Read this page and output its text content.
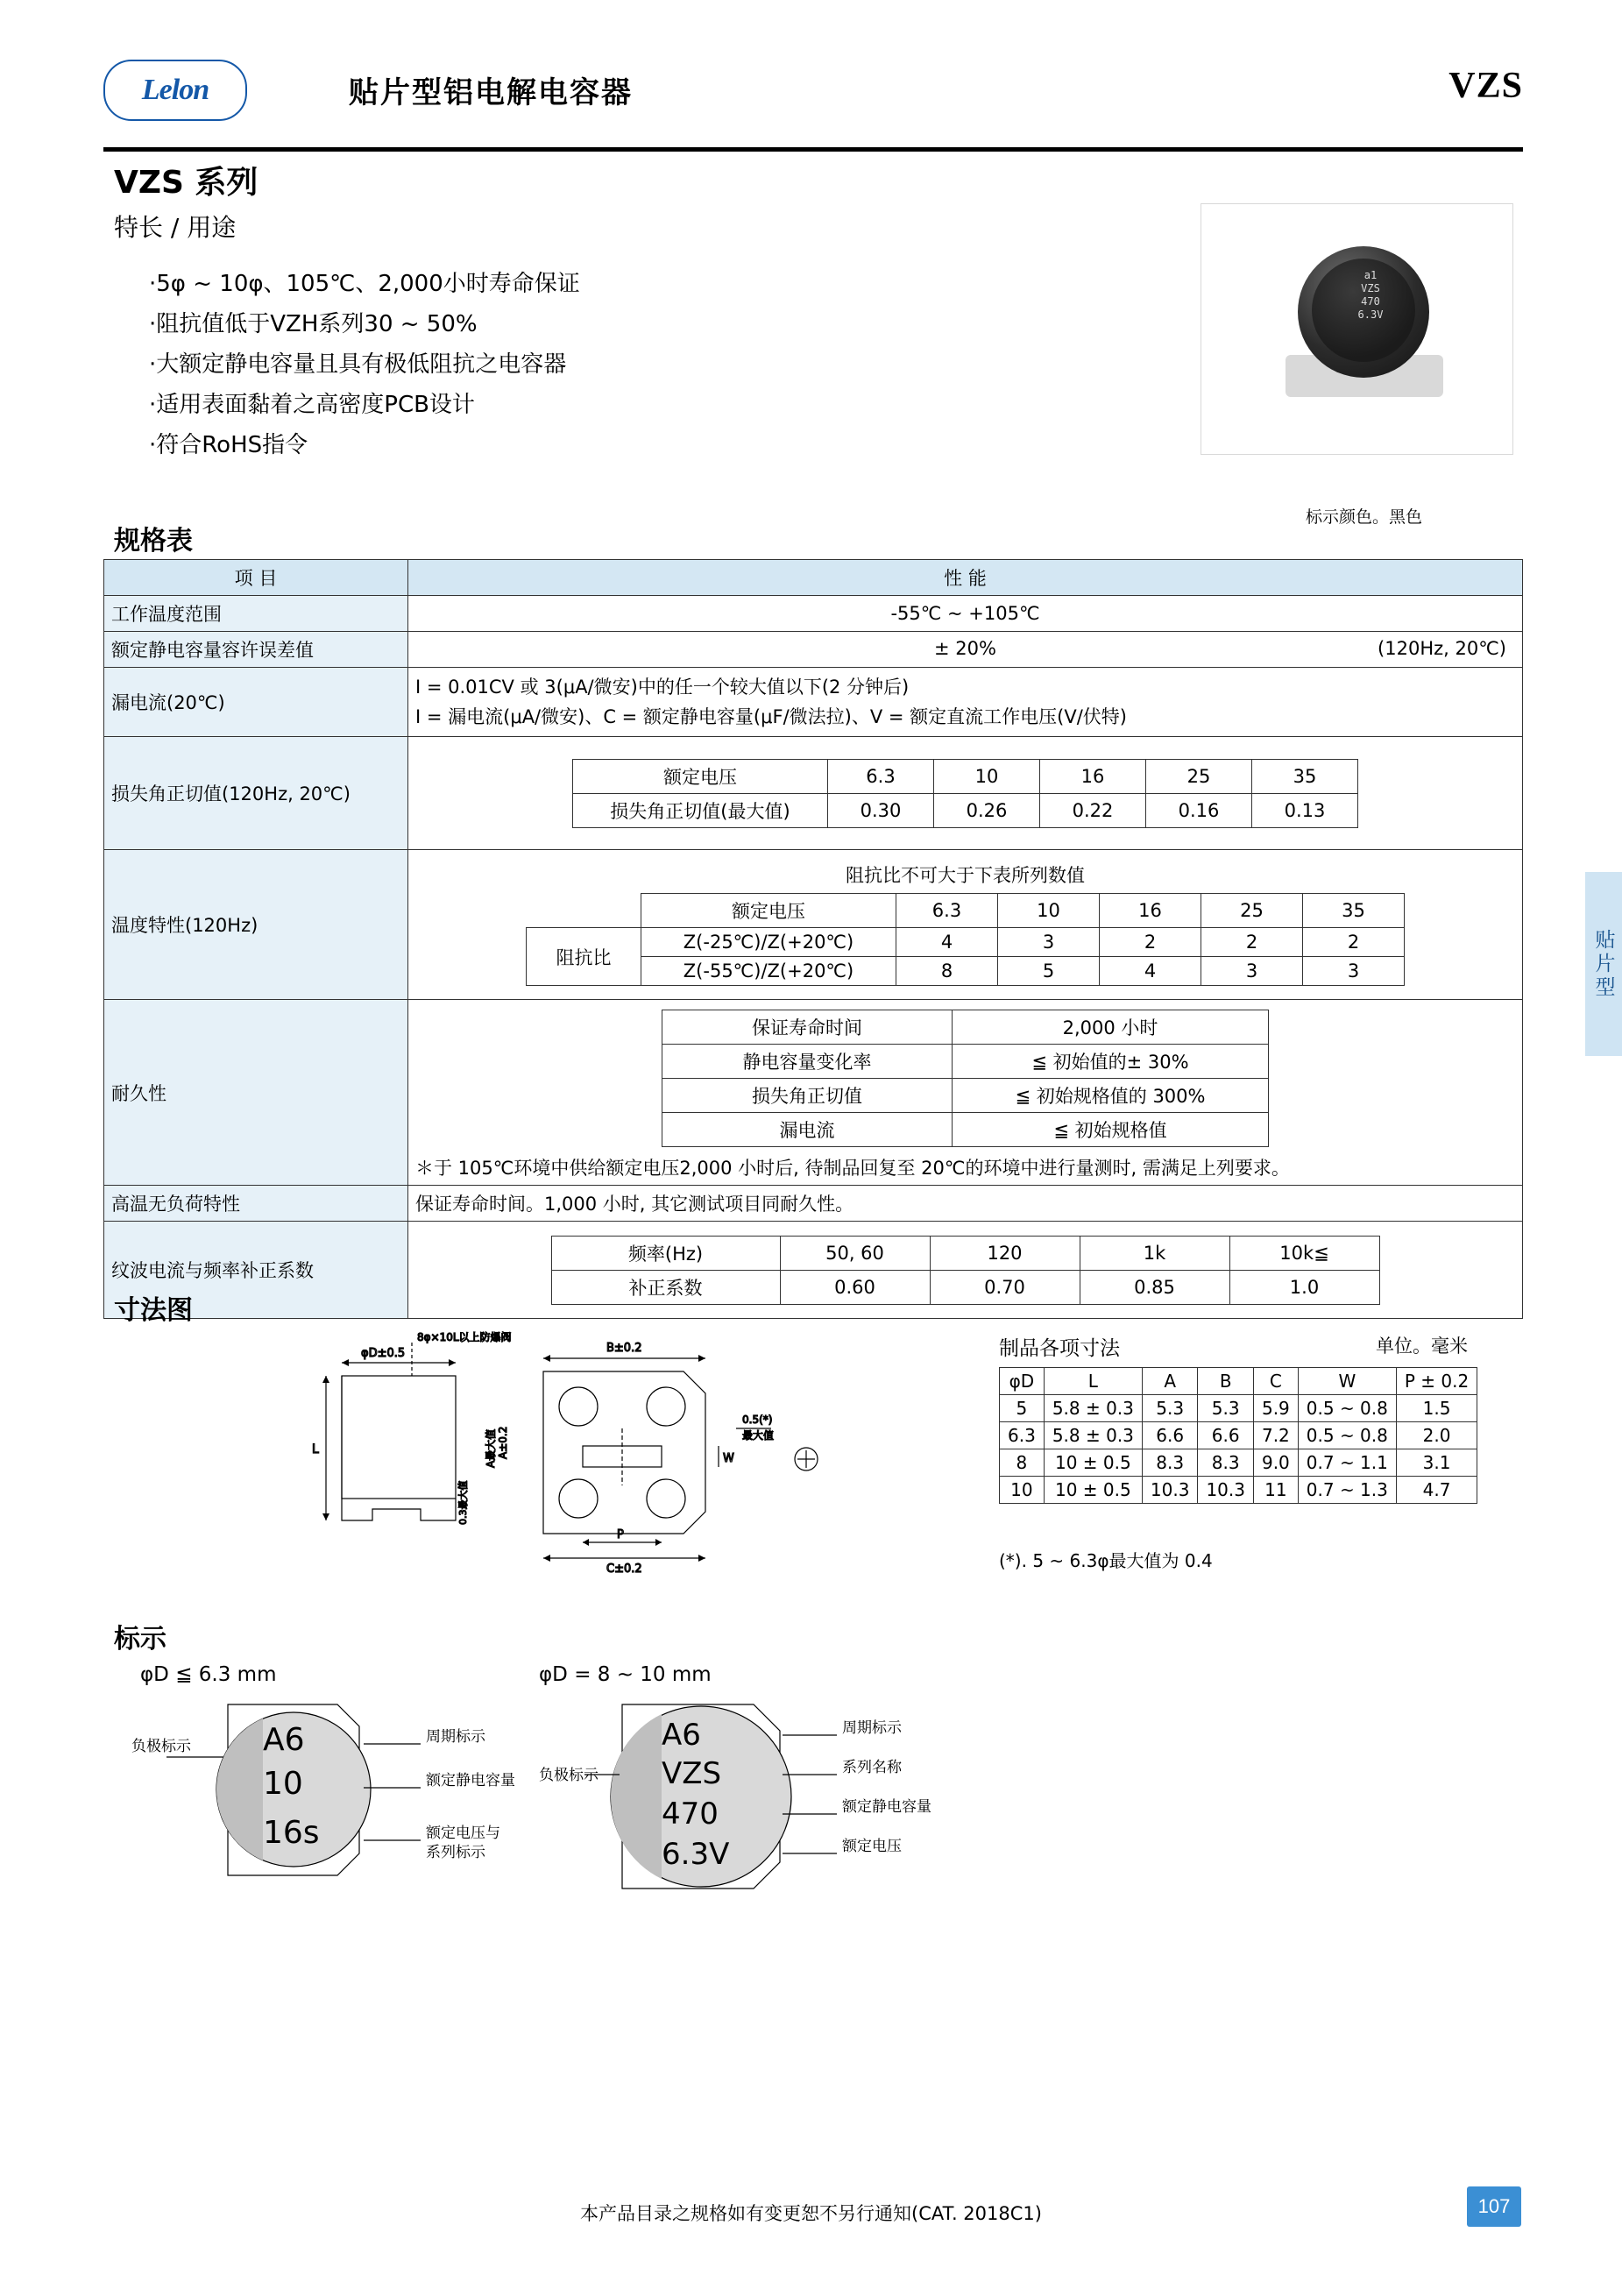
Lelon	贴片型铝电解电容器	VZS
VZS 系列
特长 / 用途
·5φ ~ 10φ、105℃、2,000小时寿命保证
·阻抗值低于VZH系列30 ~ 50%
·大额定静电容量且具有极低阻抗之电容器
·适用表面黏着之高密度PCB设计
·符合RoHS指令
a1
VZS
470
6.3V
标示颜色。黑色
规格表
项 目	性 能
工作温度范围	-55℃ ~ +105℃
额定静电容量容许误差值	± 20%	(120Hz, 20℃)

漏电流(20℃)	
I = 0.01CV 或 3(μA/微安)中的任一个较大值以下(2 分钟后)
I = 漏电流(μA/微安)、C = 额定静电容量(μF/微法拉)、V = 额定直流工作电压(V/伏特)

损失角正切值(120Hz, 20℃)	
额定电压	6.3	10	16	25	35
损失角正切值(最大值)	0.30	0.26	0.22	0.16	0.13

温度特性(120Hz)	
阻抗比不可大于下表所列数值
	额定电压	6.3	10	16	25	35
阻抗比	Z(-25℃)/Z(+20℃)	4	3	2	2	2
Z(-55℃)/Z(+20℃)	8	5	4	3	3

耐久性	
保证寿命时间	2,000 小时
静电容量变化率	≦ 初始值的± 30%
损失角正切值	≦ 初始规格值的 300%
漏电流	≦ 初始规格值
＊于 105℃环境中供给额定电压2,000 小时后, 待制品回复至 20℃的环境中进行量测时, 需满足上列要求。

高温无负荷特性	保证寿命时间。1,000 小时, 其它测试项目同耐久性。
纹波电流与频率补正系数	
频率(Hz)	50, 60	120	1k	10k≦
补正系数	0.60	0.70	0.85	1.0
贴片型
寸法图
8φ×10L以上防爆阀
φD±0.5
L
B±0.2
C±0.2
P
W
0.5(*)
最大值
A±0.2
A最大值
0.3最大值
制品各项寸法	单位。毫米
φD	L	A	B	C	W	P ± 0.2
5	5.8 ± 0.3	5.3	5.3	5.9	0.5 ~ 0.8	1.5
6.3	5.8 ± 0.3	6.6	6.6	7.2	0.5 ~ 0.8	2.0
8	10 ± 0.5	8.3	8.3	9.0	0.7 ~ 1.1	3.1
10	10 ± 0.5	10.3	10.3	11	0.7 ~ 1.3	4.7
(*). 5 ~ 6.3φ最大值为 0.4
标示
φD ≦ 6.3 mm	φD = 8 ~ 10 mm
负极标示
周期标示
额定静电容量
额定电压与
系列标示
A6
10
16s
负极标示
周期标示
系列名称
额定静电容量
额定电压
A6
VZS
470
6.3V
本产品目录之规格如有变更恕不另行通知(CAT. 2018C1)	107
